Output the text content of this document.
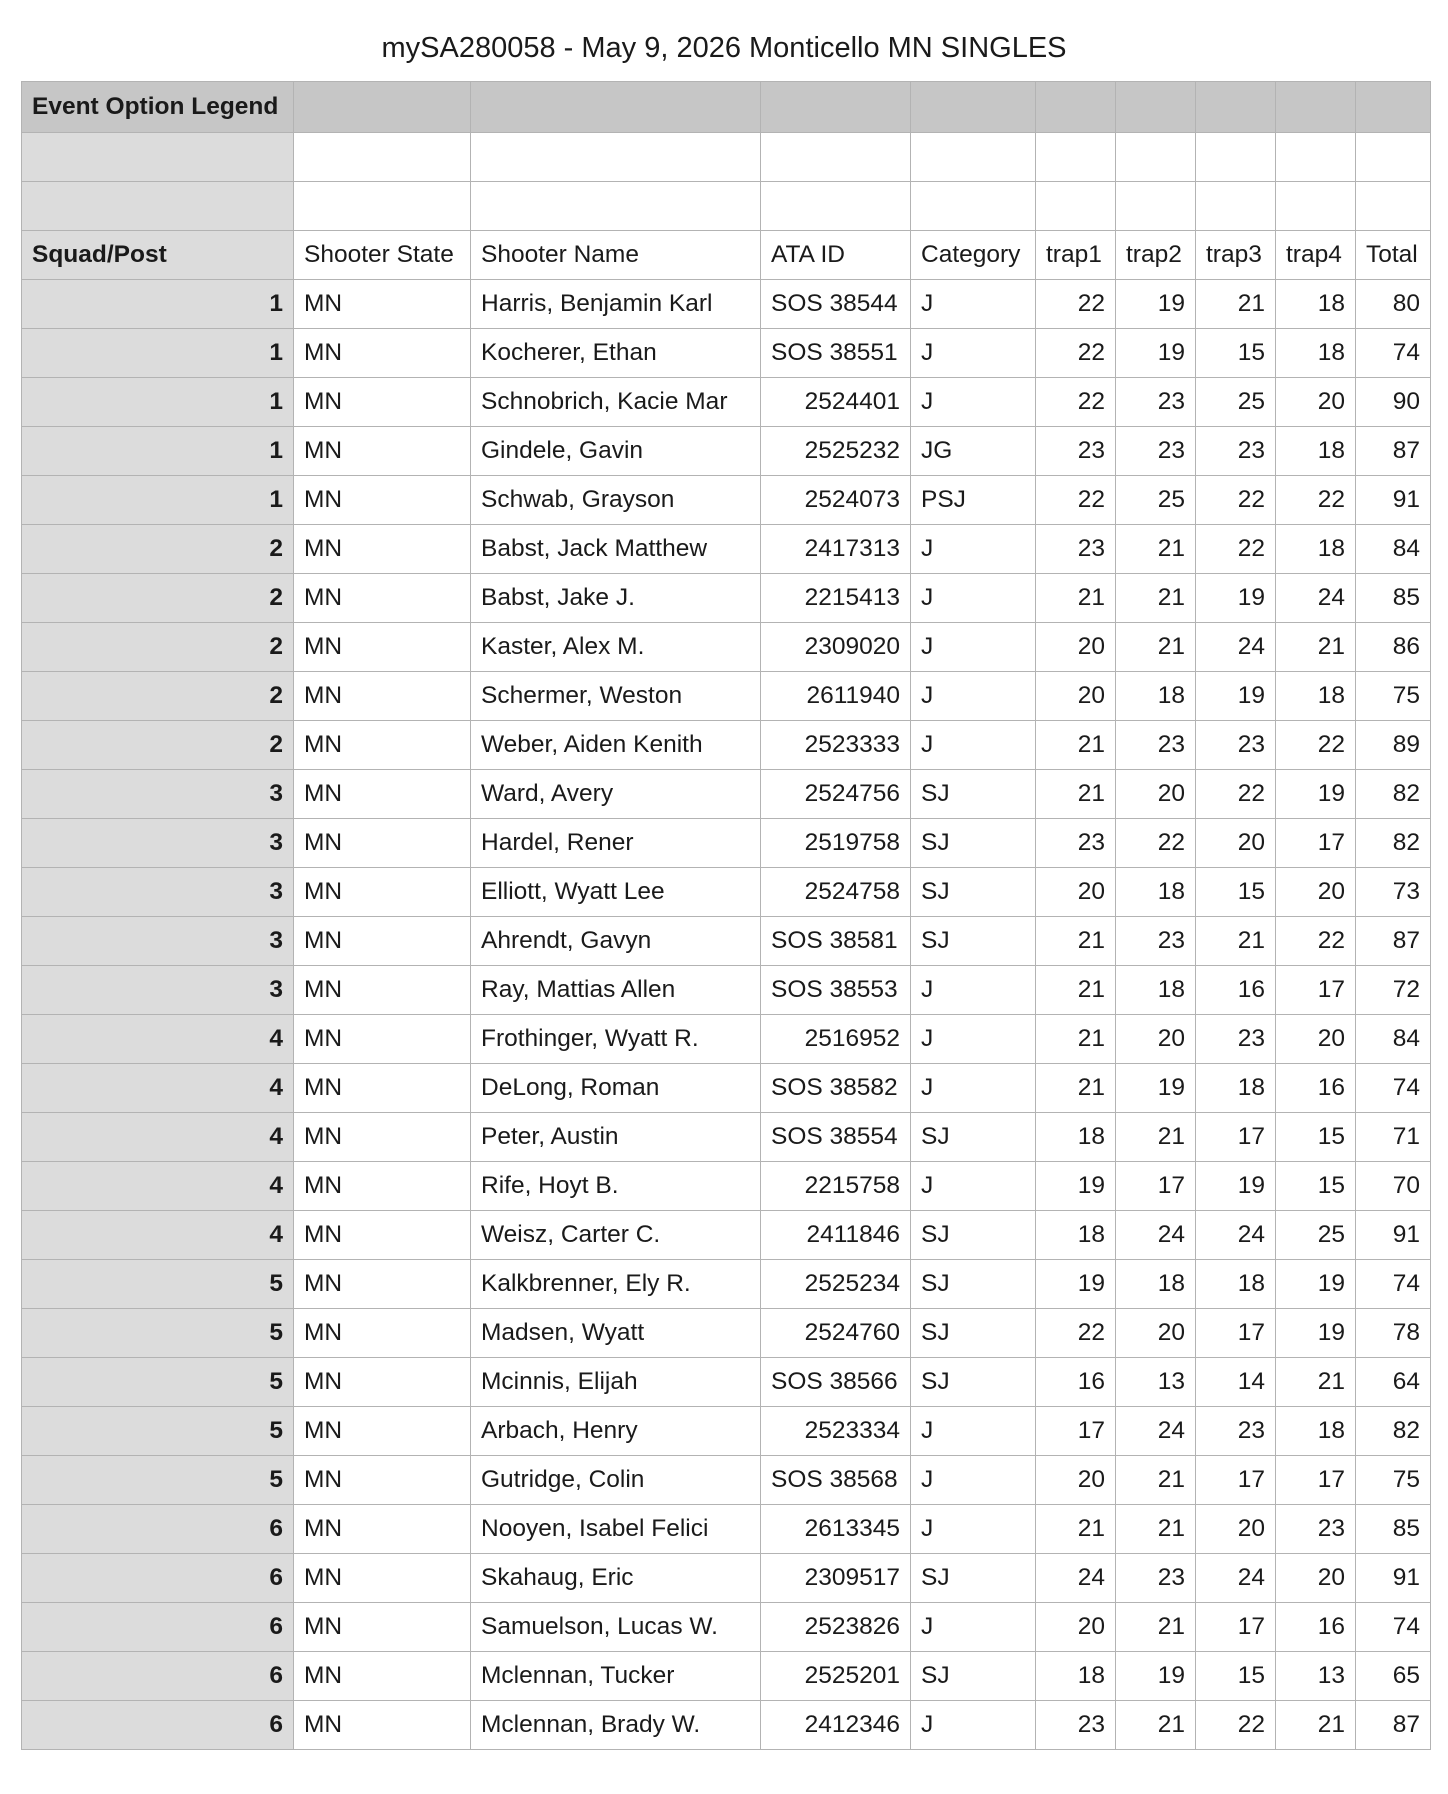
mySA280058 - May 9, 2026 Monticello MN SINGLES
Event Option Legend									

Squad/Post	Shooter State	Shooter Name	ATA ID	Category	trap1	trap2	trap3	trap4	Total
1	MN	Harris, Benjamin Karl	SOS 38544	J	22	19	21	18	80
1	MN	Kocherer, Ethan	SOS 38551	J	22	19	15	18	74
1	MN	Schnobrich, Kacie Mar	2524401	J	22	23	25	20	90
1	MN	Gindele, Gavin	2525232	JG	23	23	23	18	87
1	MN	Schwab, Grayson	2524073	PSJ	22	25	22	22	91
2	MN	Babst, Jack Matthew	2417313	J	23	21	22	18	84
2	MN	Babst, Jake J.	2215413	J	21	21	19	24	85
2	MN	Kaster, Alex M.	2309020	J	20	21	24	21	86
2	MN	Schermer, Weston	2611940	J	20	18	19	18	75
2	MN	Weber, Aiden Kenith	2523333	J	21	23	23	22	89
3	MN	Ward, Avery	2524756	SJ	21	20	22	19	82
3	MN	Hardel, Rener	2519758	SJ	23	22	20	17	82
3	MN	Elliott, Wyatt Lee	2524758	SJ	20	18	15	20	73
3	MN	Ahrendt, Gavyn	SOS 38581	SJ	21	23	21	22	87
3	MN	Ray, Mattias Allen	SOS 38553	J	21	18	16	17	72
4	MN	Frothinger, Wyatt R.	2516952	J	21	20	23	20	84
4	MN	DeLong, Roman	SOS 38582	J	21	19	18	16	74
4	MN	Peter, Austin	SOS 38554	SJ	18	21	17	15	71
4	MN	Rife, Hoyt B.	2215758	J	19	17	19	15	70
4	MN	Weisz, Carter C.	2411846	SJ	18	24	24	25	91
5	MN	Kalkbrenner, Ely R.	2525234	SJ	19	18	18	19	74
5	MN	Madsen, Wyatt	2524760	SJ	22	20	17	19	78
5	MN	Mcinnis, Elijah	SOS 38566	SJ	16	13	14	21	64
5	MN	Arbach, Henry	2523334	J	17	24	23	18	82
5	MN	Gutridge, Colin	SOS 38568	J	20	21	17	17	75
6	MN	Nooyen, Isabel Felici	2613345	J	21	21	20	23	85
6	MN	Skahaug, Eric	2309517	SJ	24	23	24	20	91
6	MN	Samuelson, Lucas W.	2523826	J	20	21	17	16	74
6	MN	Mclennan, Tucker	2525201	SJ	18	19	15	13	65
6	MN	Mclennan, Brady W.	2412346	J	23	21	22	21	87
